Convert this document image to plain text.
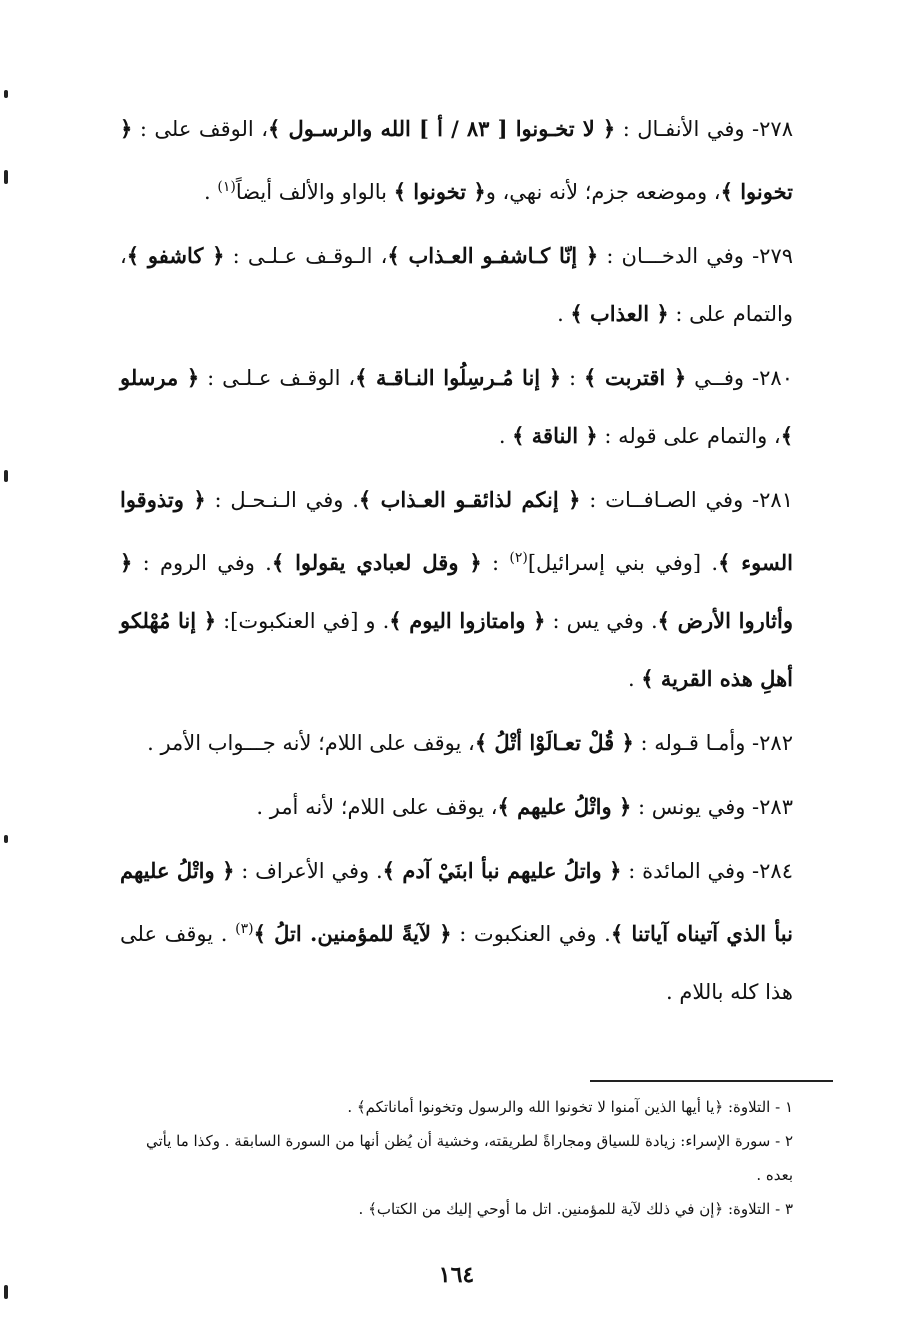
٢٧٨- وفي الأنفـال : ﴿ لا تخـونوا [ ٨٣ / أ ] الله والرسـول ﴾، الوقف على : ﴿ تخونوا ﴾، وموضعه جزم؛ لأنه نهي، و﴿ تخونوا ﴾ بالواو والألف أيضاً$^{(١)}$ .

٢٧٩- وفي الدخـــان : ﴿ إنّا كـاشفـو العـذاب ﴾، الـوقـف عـلـى : ﴿ كاشفو ﴾، والتمام على : ﴿ العذاب ﴾ .

٢٨٠- وفــي ﴿ اقتربت ﴾ : ﴿ إنا مُـرسِلُوا النـاقـة ﴾، الوقـف عـلـى : ﴿ مرسلو ﴾، والتمام على قوله : ﴿ الناقة ﴾ .

٢٨١- وفي الصـافــات : ﴿ إنكم لذائقـو العـذاب ﴾. وفي الـنـحـل : ﴿ وتذوقوا السوء ﴾. [وفي بني إسرائيل]$^{(٢)}$ : ﴿ وقل لعبادي يقولوا ﴾. وفي الروم : ﴿ وأثاروا الأرض ﴾. وفي يس : ﴿ وامتازوا اليوم ﴾. و [في العنكبوت]: ﴿ إنا مُهْلكو أهلِ هذه القرية ﴾ .

٢٨٢- وأمـا قـوله : ﴿ قُلْ تعـالَوْا أتْلُ ﴾، يوقف على اللام؛ لأنه جـــواب الأمر .

٢٨٣- وفي يونس : ﴿ واتْلُ عليهم ﴾، يوقف على اللام؛ لأنه أمر .

٢٨٤- وفي المائدة : ﴿ واتلُ عليهم نبأ ابنَيْ آدم ﴾. وفي الأعراف : ﴿ واتْلُ عليهم نبأ الذي آتيناه آياتنا ﴾. وفي العنكبوت : ﴿ لآيةً للمؤمنين. اتلُ ﴾$^{(٣)}$ . يوقف على هذا كله باللام .

١ - التلاوة: ﴿يا أيها الذين آمنوا لا تخونوا الله والرسول وتخونوا أماناتكم﴾ .

٢ - سورة الإسراء: زيادة للسياق ومجاراةً لطريقته، وخشية أن يُظن أنها من السورة السابقة . وكذا ما يأتي بعده .

٣ - التلاوة: ﴿إن في ذلك لآية للمؤمنين. اتل ما أوحي إليك من الكتاب﴾ .

١٦٤
